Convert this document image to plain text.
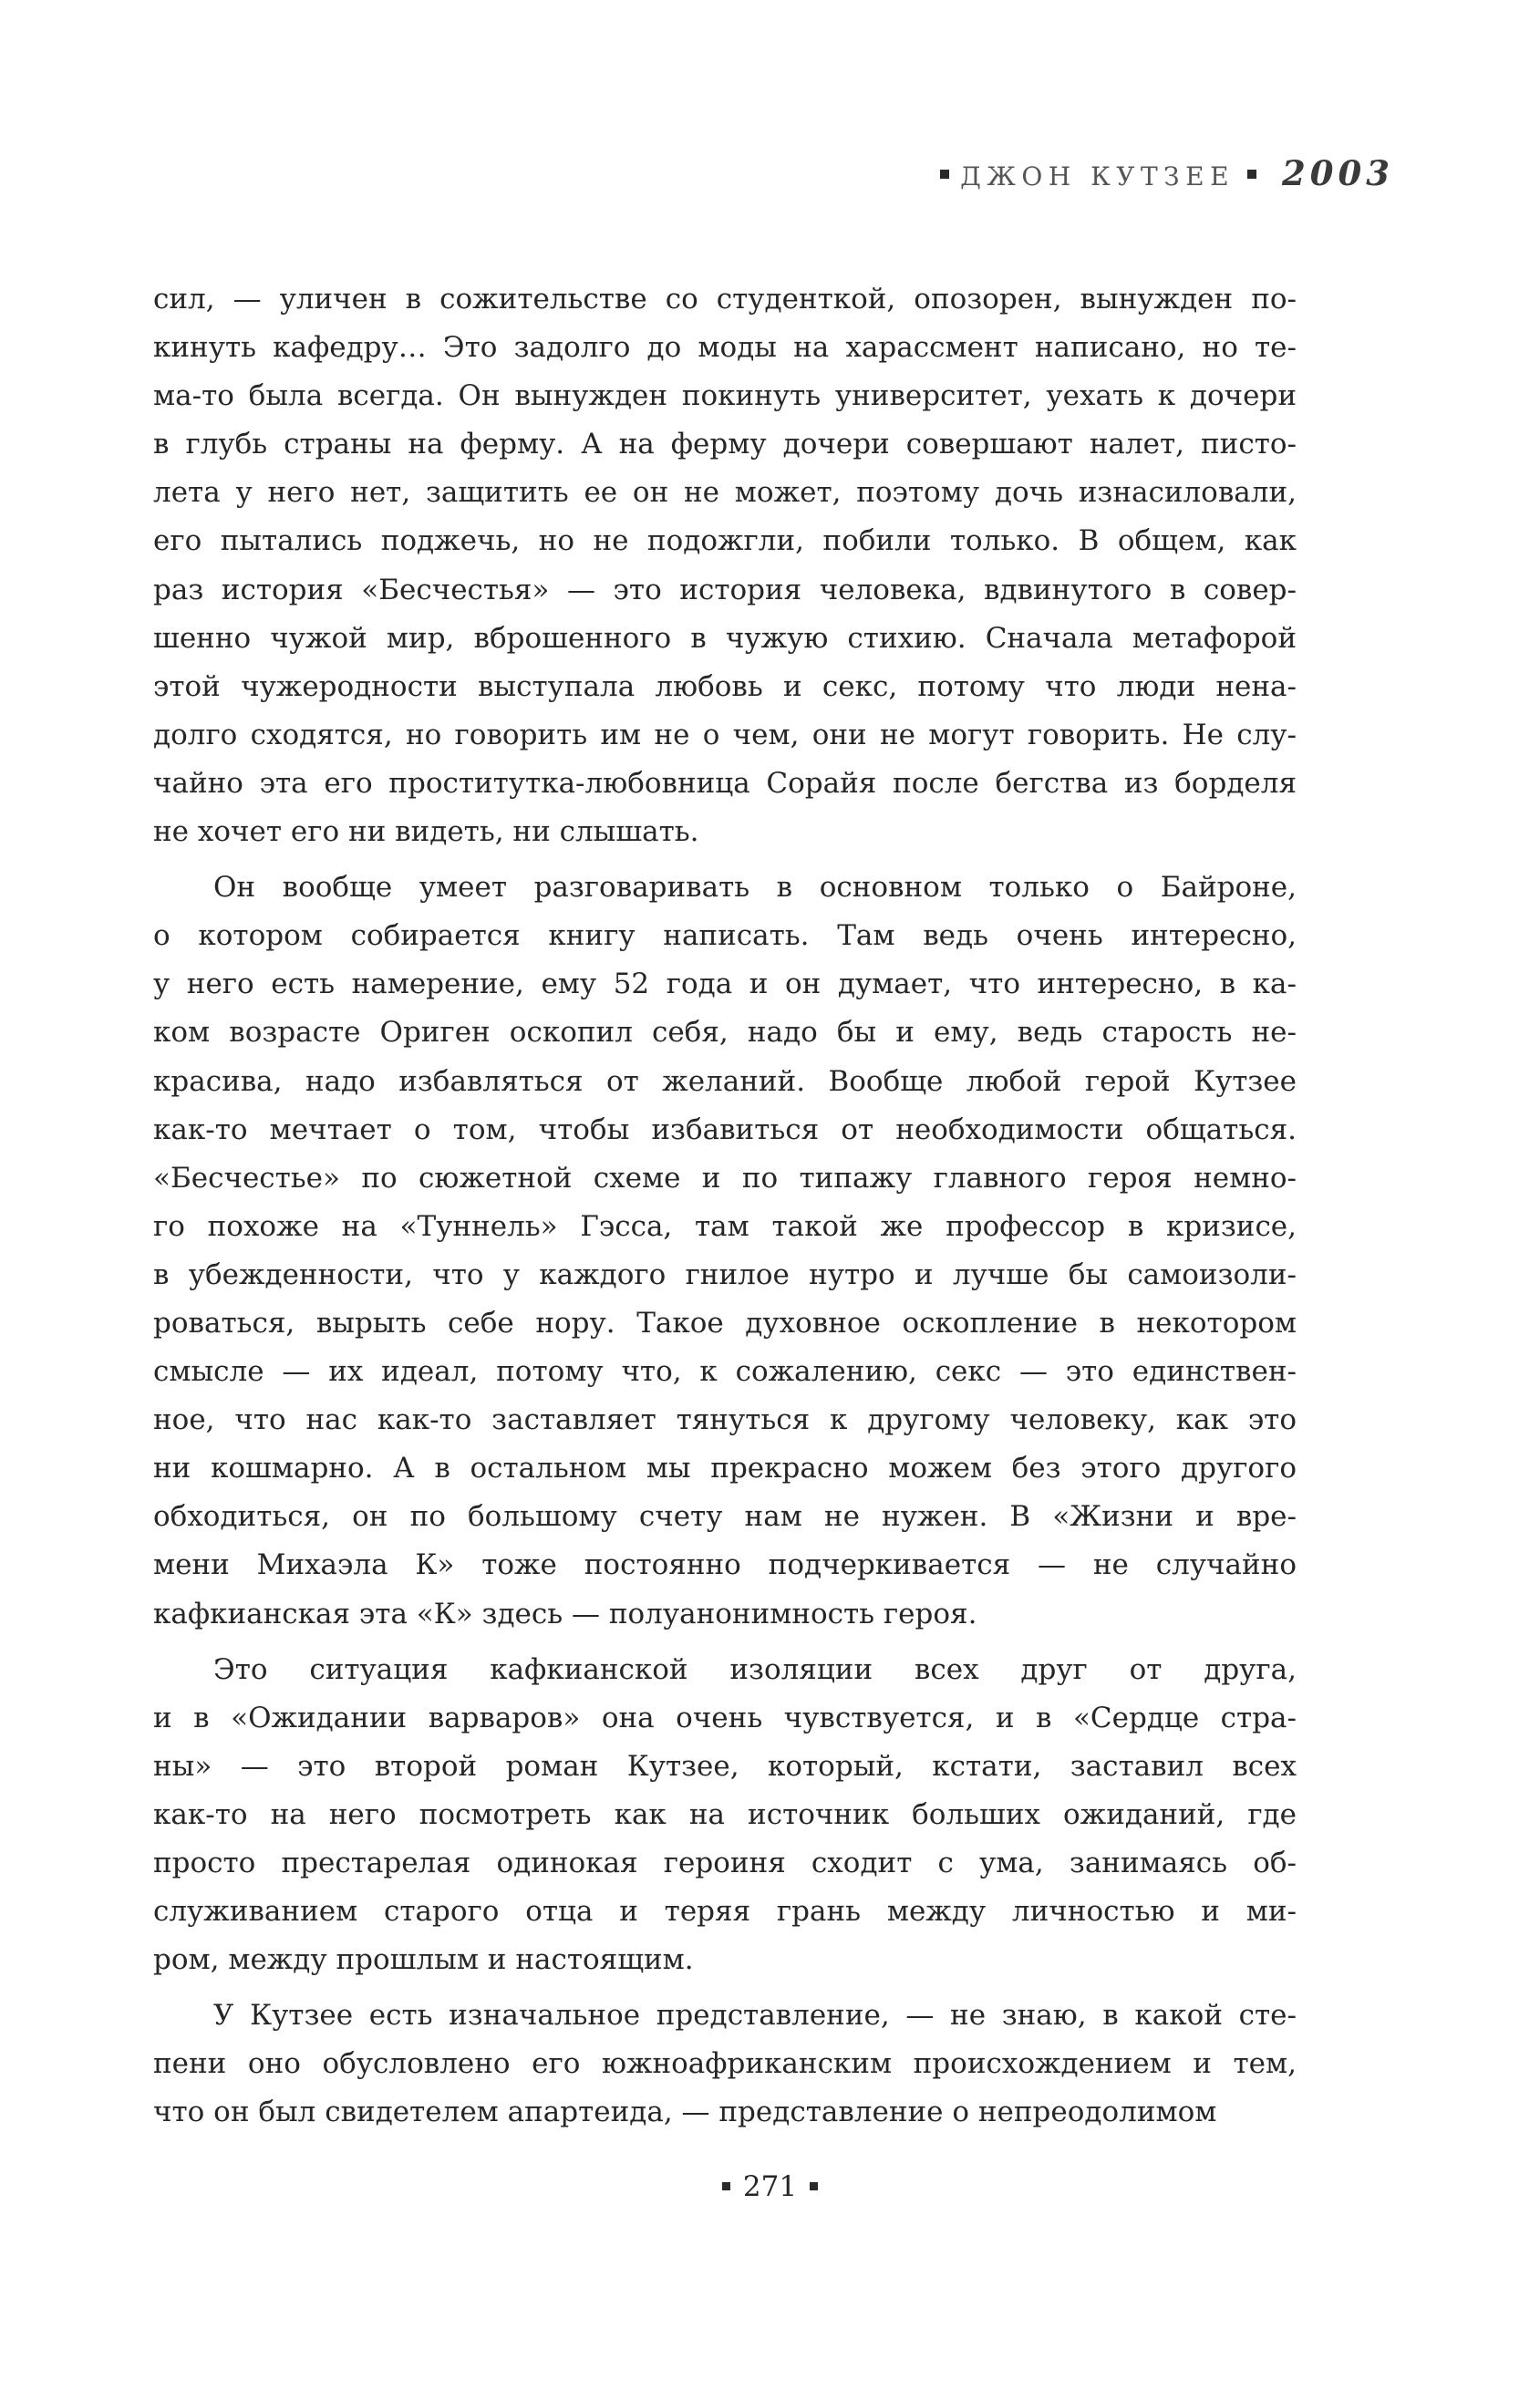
ДЖОН КУТЗЕЕ 2003
сил, — уличен в сожительстве со студенткой, опозорен, вынужден по-
кинуть кафедру… Это задолго до моды на харассмент написано, но те-
ма-то была всегда. Он вынужден покинуть университет, уехать к дочери
в глубь страны на ферму. А на ферму дочери совершают налет, писто-
лета у него нет, защитить ее он не может, поэтому дочь изнасиловали,
его пытались поджечь, но не подожгли, побили только. В общем, как
раз история «Бесчестья» — это история человека, вдвинутого в совер-
шенно чужой мир, вброшенного в чужую стихию. Сначала метафорой
этой чужеродности выступала любовь и секс, потому что люди нена-
долго сходятся, но говорить им не о чем, они не могут говорить. Не слу-
чайно эта его проститутка-любовница Сорайя после бегства из борделя
не хочет его ни видеть, ни слышать.
Он вообще умеет разговаривать в основном только о Байроне,
о котором собирается книгу написать. Там ведь очень интересно,
у него есть намерение, ему 52 года и он думает, что интересно, в ка-
ком возрасте Ориген оскопил себя, надо бы и ему, ведь старость не-
красива, надо избавляться от желаний. Вообще любой герой Кутзее
как-то мечтает о том, чтобы избавиться от необходимости общаться.
«Бесчестье» по сюжетной схеме и по типажу главного героя немно-
го похоже на «Туннель» Гэсса, там такой же профессор в кризисе,
в убежденности, что у каждого гнилое нутро и лучше бы самоизоли-
роваться, вырыть себе нору. Такое духовное оскопление в некотором
смысле — их идеал, потому что, к сожалению, секс — это единствен-
ное, что нас как-то заставляет тянуться к другому человеку, как это
ни кошмарно. А в остальном мы прекрасно можем без этого другого
обходиться, он по большому счету нам не нужен. В «Жизни и вре-
мени Михаэла К» тоже постоянно подчеркивается — не случайно
кафкианская эта «К» здесь — полуанонимность героя.
Это ситуация кафкианской изоляции всех друг от друга,
и в «Ожидании варваров» она очень чувствуется, и в «Сердце стра-
ны» — это второй роман Кутзее, который, кстати, заставил всех
как-то на него посмотреть как на источник больших ожиданий, где
просто престарелая одинокая героиня сходит с ума, занимаясь об-
служиванием старого отца и теряя грань между личностью и ми-
ром, между прошлым и настоящим.
У Кутзее есть изначальное представление, — не знаю, в какой сте-
пени оно обусловлено его южноафриканским происхождением и тем,
что он был свидетелем апартеида, — представление о непреодолимом
271
